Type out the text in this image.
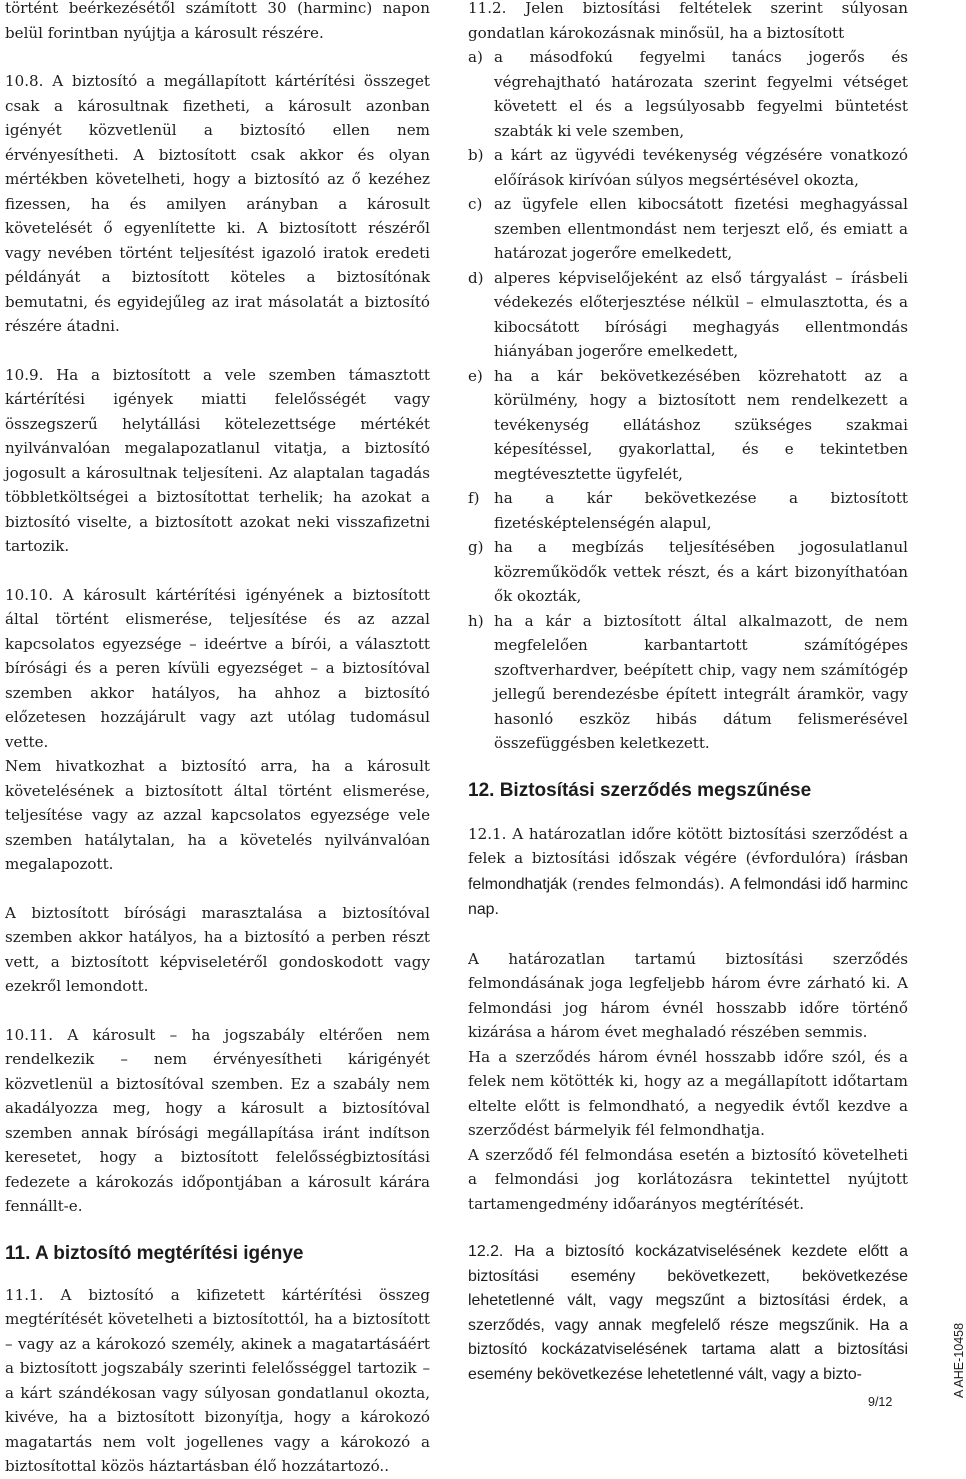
történt beérkezésétől számított 30 (harminc) napon belül forintban nyújtja a károsult részére.

10.8. A biztosító a megállapított kártérítési összeget csak a károsultnak fizetheti, a károsult azonban igényét közvetlenül a biztosító ellen nem érvényesítheti. A biztosított csak akkor és olyan mértékben követelheti, hogy a biztosító az ő kezéhez fizessen, ha és amilyen arányban a károsult követelését ő egyenlítette ki. A biztosított részéről vagy nevében történt teljesítést igazoló iratok eredeti példányát a biztosított köteles a biztosítónak bemutatni, és egyidejűleg az irat másolatát a biztosító részére átadni.

10.9. Ha a biztosított a vele szemben támasztott kártérítési igények miatti felelősségét vagy összegszerű helytállási kötelezettsége mértékét nyilvánvalóan megalapozatlanul vitatja, a biztosító jogosult a károsultnak teljesíteni. Az alaptalan tagadás többletköltségei a biztosítottat terhelik; ha azokat a biztosító viselte, a biztosított azokat neki visszafizetni tartozik.

10.10. A károsult kártérítési igényének a biztosított által történt elismerése, teljesítése és az azzal kapcsolatos egyezsége – ideértve a bírói, a választott bírósági és a peren kívüli egyezséget – a biztosítóval szemben akkor hatályos, ha ahhoz a biztosító előzetesen hozzájárult vagy azt utólag tudomásul vette.

Nem hivatkozhat a biztosító arra, ha a károsult követelésének a biztosított által történt elismerése, teljesítése vagy az azzal kapcsolatos egyezsége vele szemben hatálytalan, ha a követelés nyilvánvalóan megalapozott.

A biztosított bírósági marasztalása a biztosítóval szemben akkor hatályos, ha a biztosító a perben részt vett, a biztosított képviseletéről gondoskodott vagy ezekről lemondott.

10.11. A károsult – ha jogszabály eltérően nem rendelkezik – nem érvényesítheti kárigényét közvetlenül a biztosítóval szemben. Ez a szabály nem akadályozza meg, hogy a károsult a biztosítóval szemben annak bírósági megállapítása iránt indítson keresetet, hogy a biztosított felelősségbiztosítási fedezete a károkozás időpontjában a károsult kárára fennállt-e.

11. A biztosító megtérítési igénye

11.1. A biztosító a kifizetett kártérítési összeg megtérítését követelheti a biztosítottól, ha a biztosított – vagy az a károkozó személy, akinek a magatartásáért a biztosított jogszabály szerinti felelősséggel tartozik – a kárt szándékosan vagy súlyosan gondatlanul okozta, kivéve, ha a biztosított bizonyítja, hogy a károkozó magatartás nem volt jogellenes vagy a károkozó a biztosítottal közös háztartásban élő hozzátartozó..

11.2. Jelen biztosítási feltételek szerint súlyosan gondatlan károkozásnak minősül, ha a biztosított

a) a másodfokú fegyelmi tanács jogerős és végrehajtható határozata szerint fegyelmi vétséget követett el és a legsúlyosabb fegyelmi büntetést szabták ki vele szemben,
b) a kárt az ügyvédi tevékenység végzésére vonatkozó előírások kirívóan súlyos megsértésével okozta,
c) az ügyfele ellen kibocsátott fizetési meghagyással szemben ellentmondást nem terjeszt elő, és emiatt a határozat jogerőre emelkedett,
d) alperes képviselőjeként az első tárgyalást – írásbeli védekezés előterjesztése nélkül – elmulasztotta, és a kibocsátott bírósági meghagyás ellentmondás hiányában jogerőre emelkedett,
e) ha a kár bekövetkezésében közrehatott az a körülmény, hogy a biztosított nem rendelkezett a tevékenység ellátáshoz szükséges szakmai képesítéssel, gyakorlattal, és e tekintetben megtévesztette ügyfelét,
f) ha a kár bekövetkezése a biztosított fizetésképtelenségén alapul,
g) ha a megbízás teljesítésében jogosulatlanul közreműködők vettek részt, és a kárt bizonyíthatóan ők okozták,
h) ha a kár a biztosított által alkalmazott, de nem megfelelően karbantartott számítógépes szoftverhardver, beépített chip, vagy nem számítógép jellegű berendezésbe épített integrált áramkör, vagy hasonló eszköz hibás dátum felismerésével összefüggésben keletkezett.
12. Biztosítási szerződés megszűnése

12.1. A határozatlan időre kötött biztosítási szerződést a felek a biztosítási időszak végére (évfordulóra) írásban felmondhatják (rendes felmondás). A felmondási idő harminc nap.

A határozatlan tartamú biztosítási szerződés felmondásának joga legfeljebb három évre zárható ki. A felmondási jog három évnél hosszabb időre történő kizárása a három évet meghaladó részében semmis.

Ha a szerződés három évnél hosszabb időre szól, és a felek nem kötötték ki, hogy az a megállapított időtartam eltelte előtt is felmondható, a negyedik évtől kezdve a szerződést bármelyik fél felmondhatja.

A szerződő fél felmondása esetén a biztosító követelheti a felmondási jog korlátozásra tekintettel nyújtott tartamengedmény időarányos megtérítését.

12.2. Ha a biztosító kockázatviselésének kezdete előtt a biztosítási esemény bekövetkezett, bekövetkezése lehetetlenné vált, vagy megszűnt a biztosítási érdek, a szerződés, vagy annak megfelelő része megszűnik. Ha a biztosító kockázatviselésének tartama alatt a biztosítási esemény bekövetkezése lehetetlenné vált, vagy a bizto-	A AHE-10458
9/12
